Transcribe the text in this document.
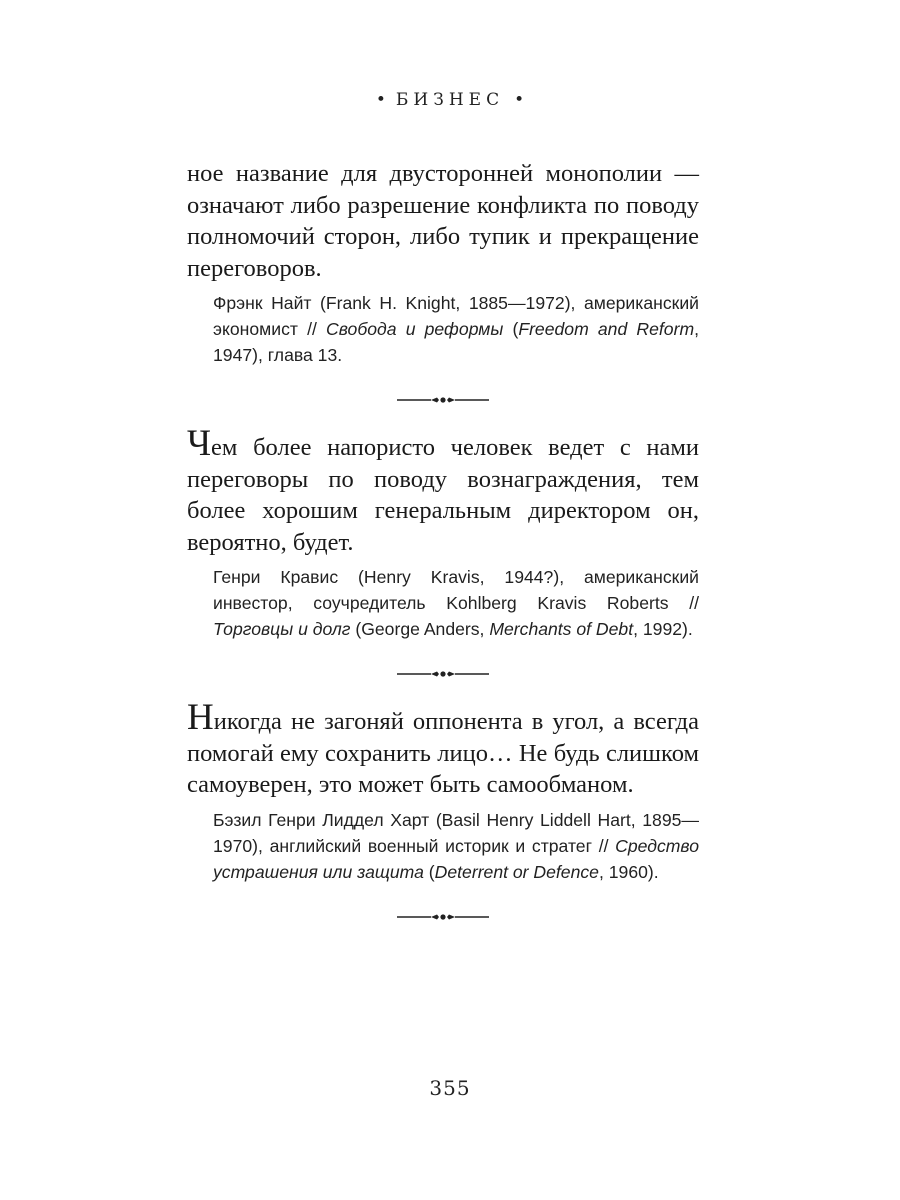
• БИЗНЕС •

ное название для двусторонней монополии — означают либо разрешение конфликта по поводу полномочий сторон, либо тупик и прекращение переговоров.

Фрэнк Найт (Frank H. Knight, 1885—1972), американский экономист // Свобода и реформы (Freedom and Reform, 1947), глава 13.

Чем более напористо человек ведет с нами переговоры по поводу вознаграждения, тем более хорошим генеральным директором он, вероятно, будет.

Генри Кравис (Henry Kravis, 1944?), американский инвестор, соучредитель Kohlberg Kravis Roberts // Торговцы и долг (George Anders, Merchants of Debt, 1992).

Никогда не загоняй оппонента в угол, а всегда помогай ему сохранить лицо… Не будь слишком самоуверен, это может быть самообманом.

Бэзил Генри Лиддел Харт (Basil Henry Liddell Hart, 1895—1970), английский военный историк и стратег // Средство устрашения или защита (Deterrent or Defence, 1960).

355
